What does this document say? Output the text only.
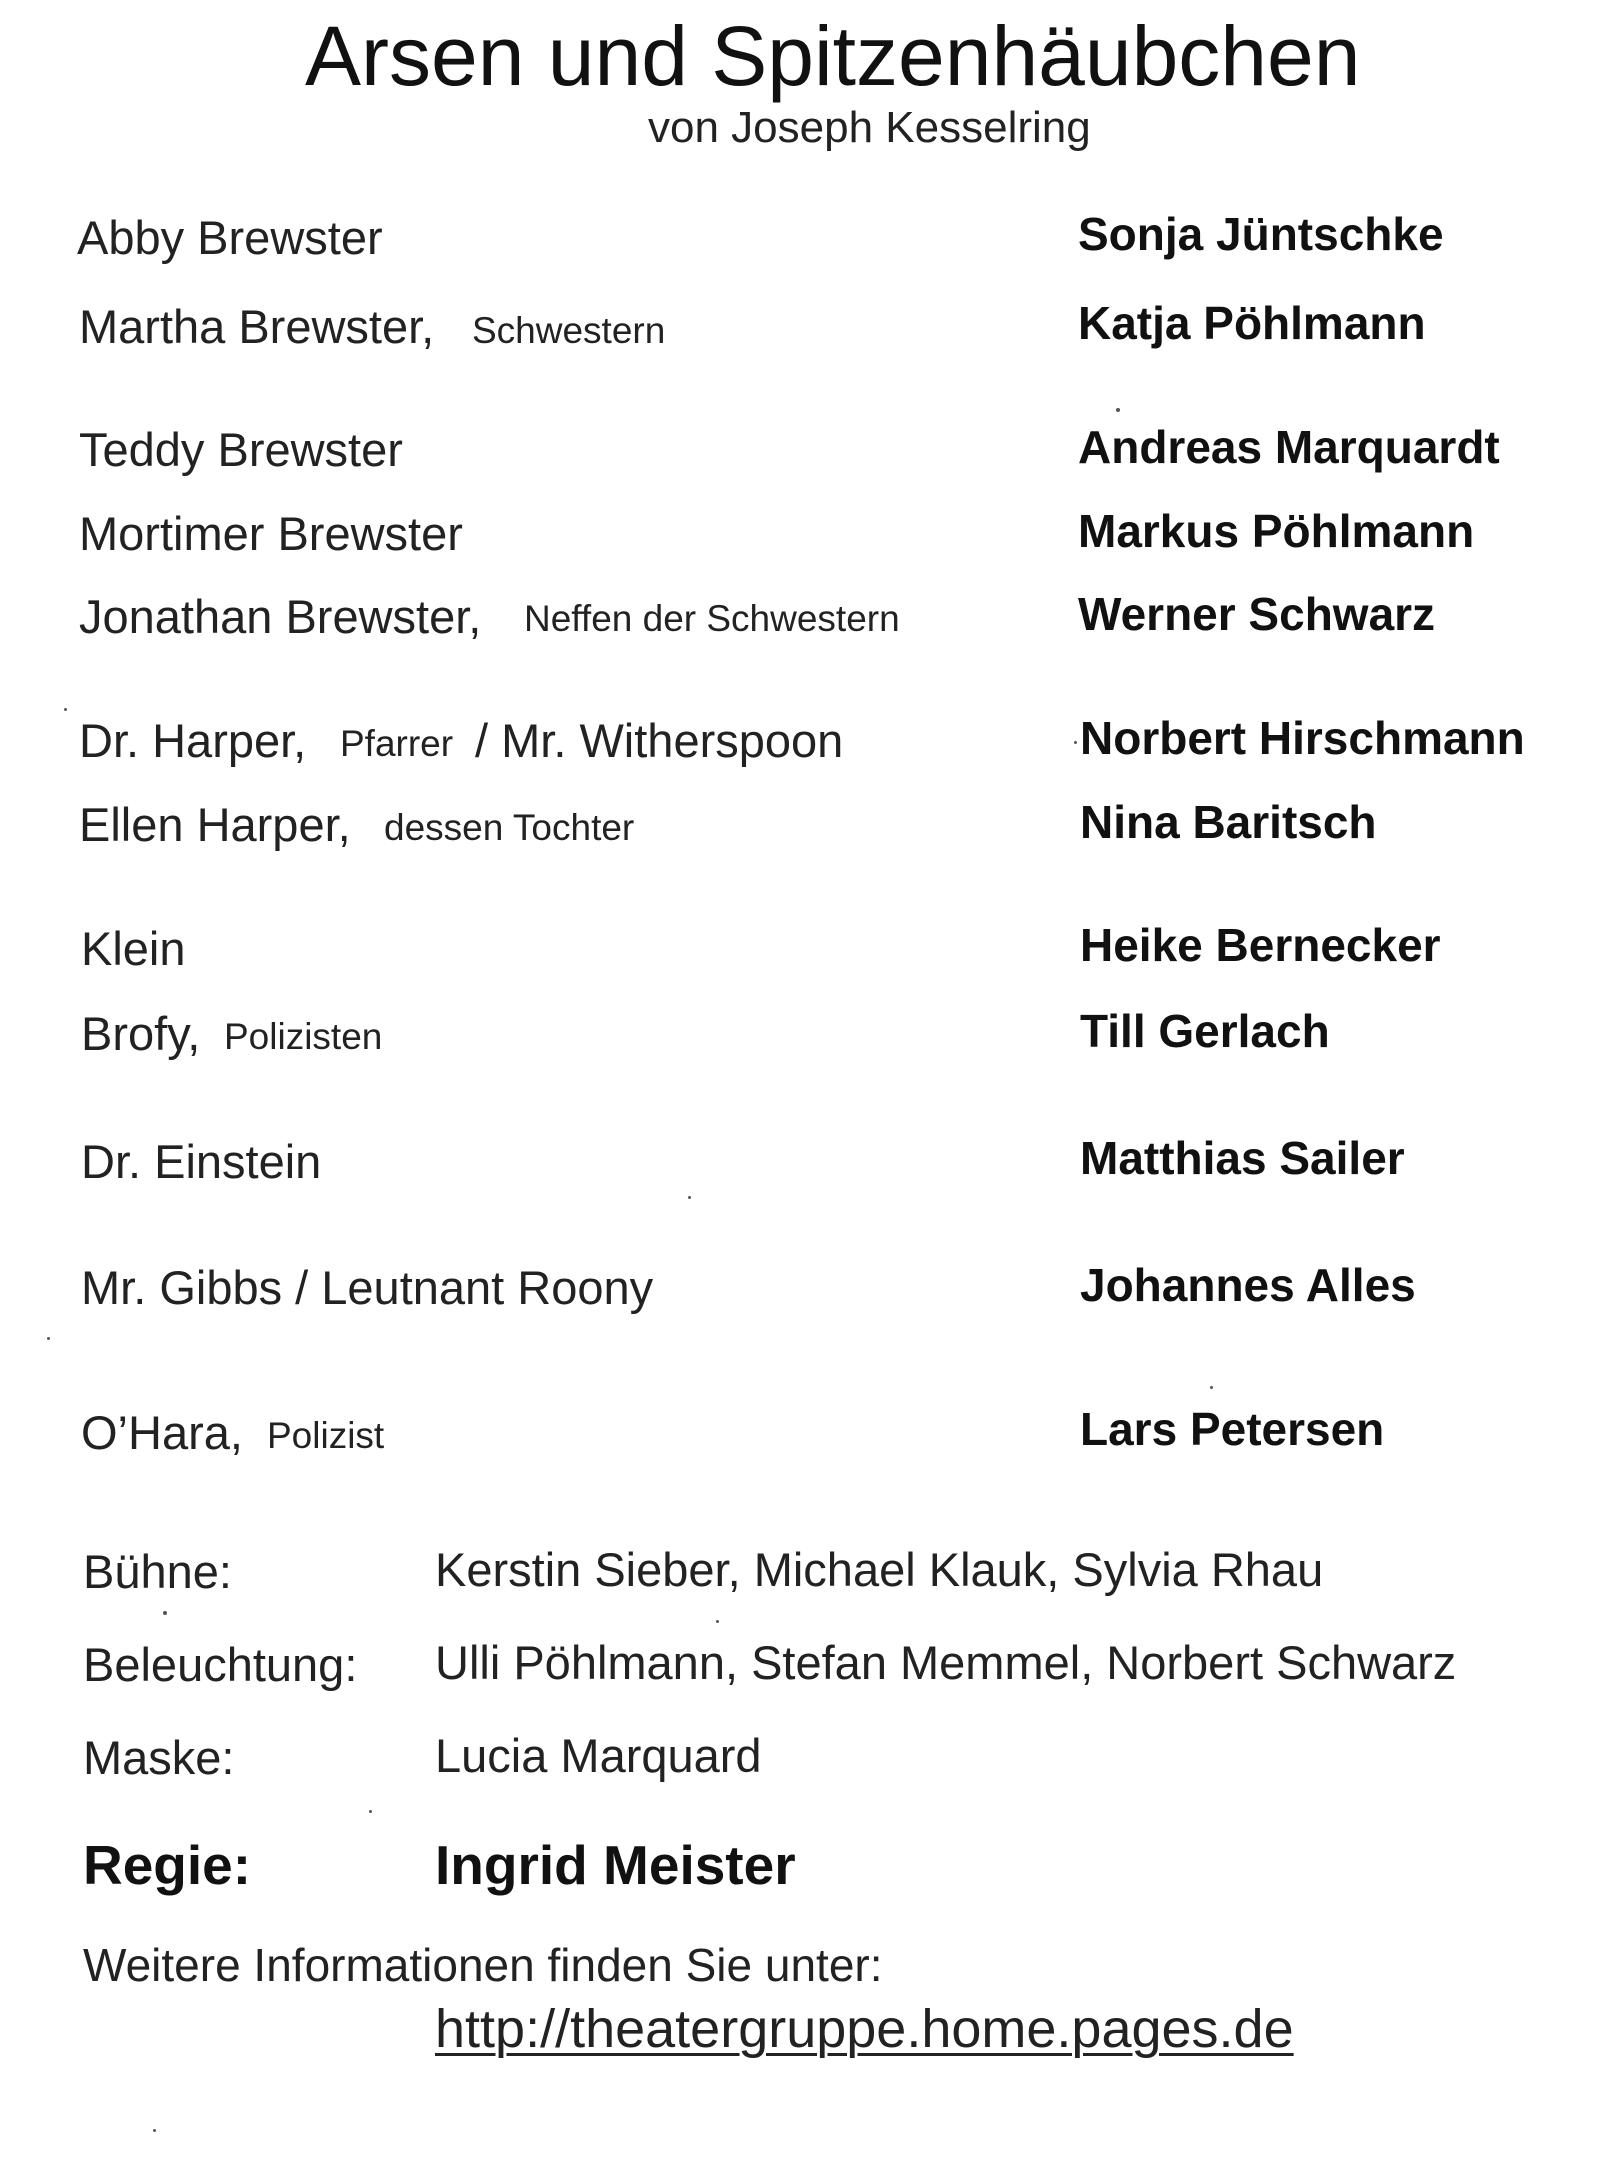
Arsen und Spitzenhäubchen
von Joseph Kesselring
Abby Brewster	Sonja Jüntschke
Martha Brewster, Schwestern	Katja Pöhlmann
Teddy Brewster	Andreas Marquardt
Mortimer Brewster	Markus Pöhlmann
Jonathan Brewster, Neffen der Schwestern	Werner Schwarz
Dr. Harper, Pfarrer / Mr. Witherspoon	Norbert Hirschmann
Ellen Harper, dessen Tochter	Nina Baritsch
Klein	Heike Bernecker
Brofy, Polizisten	Till Gerlach
Dr. Einstein	Matthias Sailer
Mr. Gibbs / Leutnant Roony	Johannes Alles
O’Hara, Polizist	Lars Petersen
Bühne:	Kerstin Sieber, Michael Klauk, Sylvia Rhau
Beleuchtung: Ulli Pöhlmann, Stefan Memmel, Norbert Schwarz
Maske:	Lucia Marquard
Regie:	Ingrid Meister
Weitere Informationen finden Sie unter:
http://theatergruppe.home.pages.de
